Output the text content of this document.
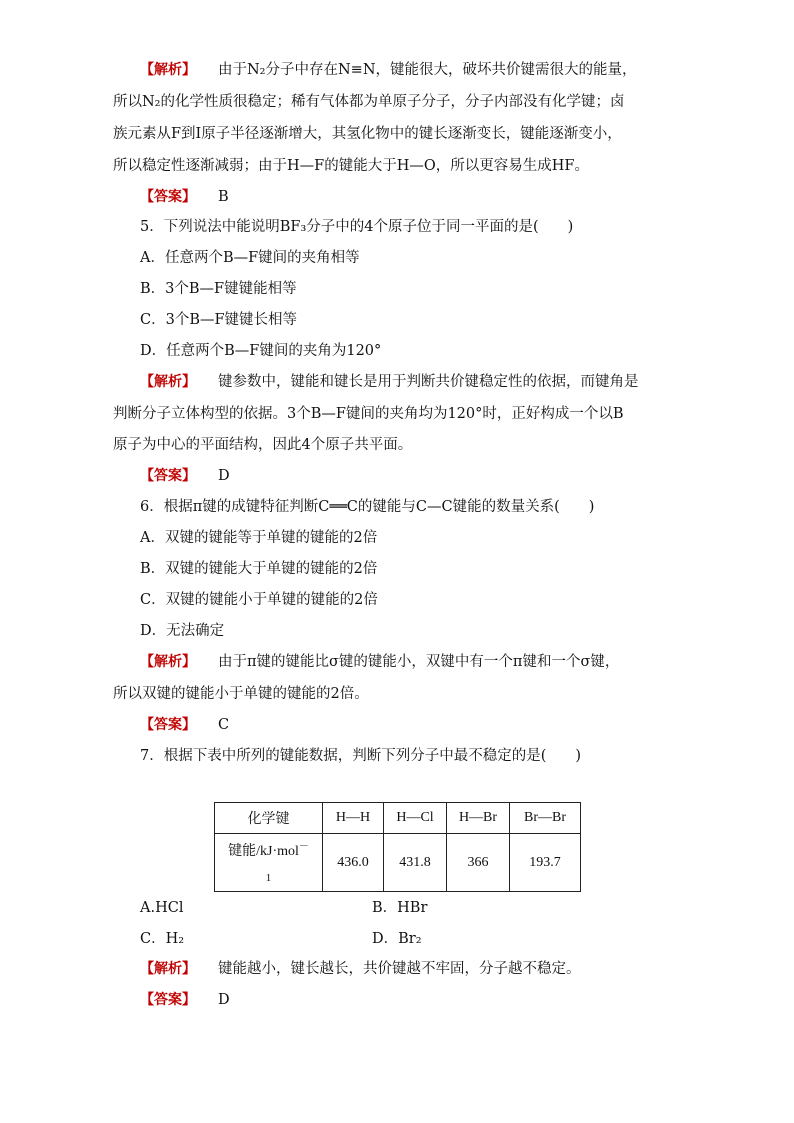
【解析】 由于N₂分子中存在N≡N，键能很大，破坏共价键需很大的能量，
所以N₂的化学性质很稳定；稀有气体都为单原子分子，分子内部没有化学键；卤
族元素从F到I原子半径逐渐增大，其氢化物中的键长逐渐变长，键能逐渐变小，
所以稳定性逐渐减弱；由于H—F的键能大于H—O，所以更容易生成HF。
【答案】 B
5．下列说法中能说明BF₃分子中的4个原子位于同一平面的是(　　)
A．任意两个B—F键间的夹角相等
B．3个B—F键键能相等
C．3个B—F键键长相等
D．任意两个B—F键间的夹角为120°
【解析】 键参数中，键能和键长是用于判断共价键稳定性的依据，而键角是
判断分子立体构型的依据。3个B—F键间的夹角均为120°时，正好构成一个以B
原子为中心的平面结构，因此4个原子共平面。
【答案】 D
6．根据π键的成键特征判断C══C的键能与C—C键能的数量关系(　　)
A．双键的键能等于单键的键能的2倍
B．双键的键能大于单键的键能的2倍
C．双键的键能小于单键的键能的2倍
D．无法确定
【解析】 由于π键的键能比σ键的键能小，双键中有一个π键和一个σ键，
所以双键的键能小于单键的键能的2倍。
【答案】 C
7．根据下表中所列的键能数据，判断下列分子中最不稳定的是(　　)
化学键	H—H	H—Cl	H—Br	Br—Br
键能/kJ·mol－
1	436.0	431.8	366	193.7
A.HCl	B．HBr
C．H₂	D．Br₂
【解析】 键能越小，键长越长，共价键越不牢固，分子越不稳定。
【答案】 D
